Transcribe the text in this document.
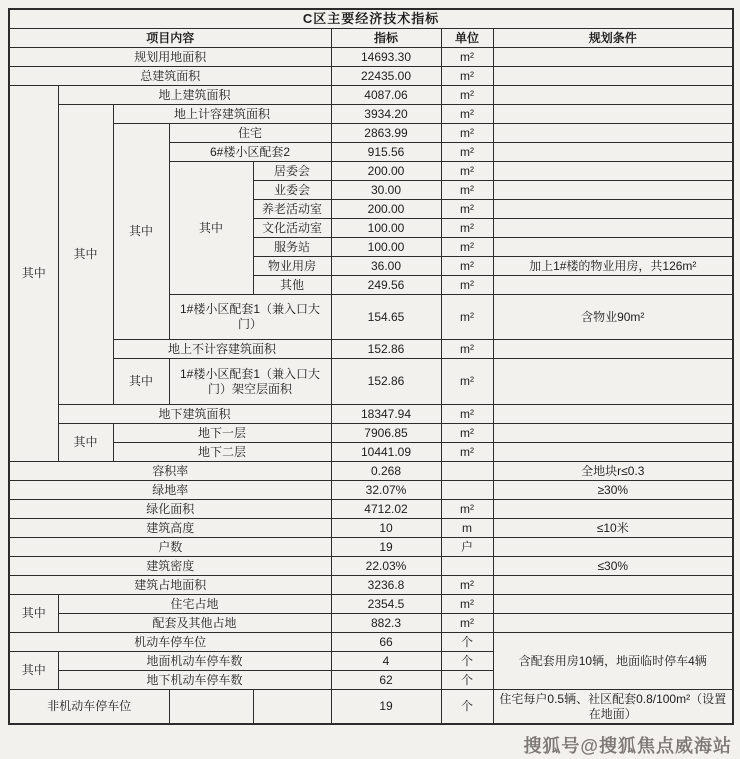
C区主要经济技术指标							
项目内容					指标	单位	规划条件
规划用地面积					14693.30	m²	
总建筑面积					22435.00	m²	
其中	地上建筑面积				4087.06	m²	
	其中	地上计容建筑面积			3934.20	m²	
		其中	住宅		2863.99	m²	
			6#楼小区配套2		915.56	m²	
			其中	居委会	200.00	m²	
				业委会	30.00	m²	
				养老活动室	200.00	m²	
				文化活动室	100.00	m²	
				服务站	100.00	m²	
				物业用房	36.00	m²	加上1#楼的物业用房，共126m²
				其他	249.56	m²	
			1#楼小区配套1（兼入口大门）		154.65	m²	含物业90m²
		地上不计容建筑面积			152.86	m²	
		其中	1#楼小区配套1（兼入口大门）架空层面积		152.86	m²	
	地下建筑面积				18347.94	m²	
	其中	地下一层			7906.85	m²	
		地下二层			10441.09	m²	
容积率					0.268		全地块r≤0.3
绿地率					32.07%		≥30%
绿化面积					4712.02	m²	
建筑高度					10	m	≤10米
户数					19	户	
建筑密度					22.03%		≤30%
建筑占地面积					3236.8	m²	
其中	住宅占地				2354.5	m²	
	配套及其他占地				882.3	m²	
机动车停车位					66	个	含配套用房10辆，地面临时停车4辆
其中	地面机动车停车数				4	个	
	地下机动车停车数				62	个	
非机动车停车位					19	个	住宅每户0.5辆、社区配套0.8/100m²（设置在地面）
搜狐号@搜狐焦点威海站
